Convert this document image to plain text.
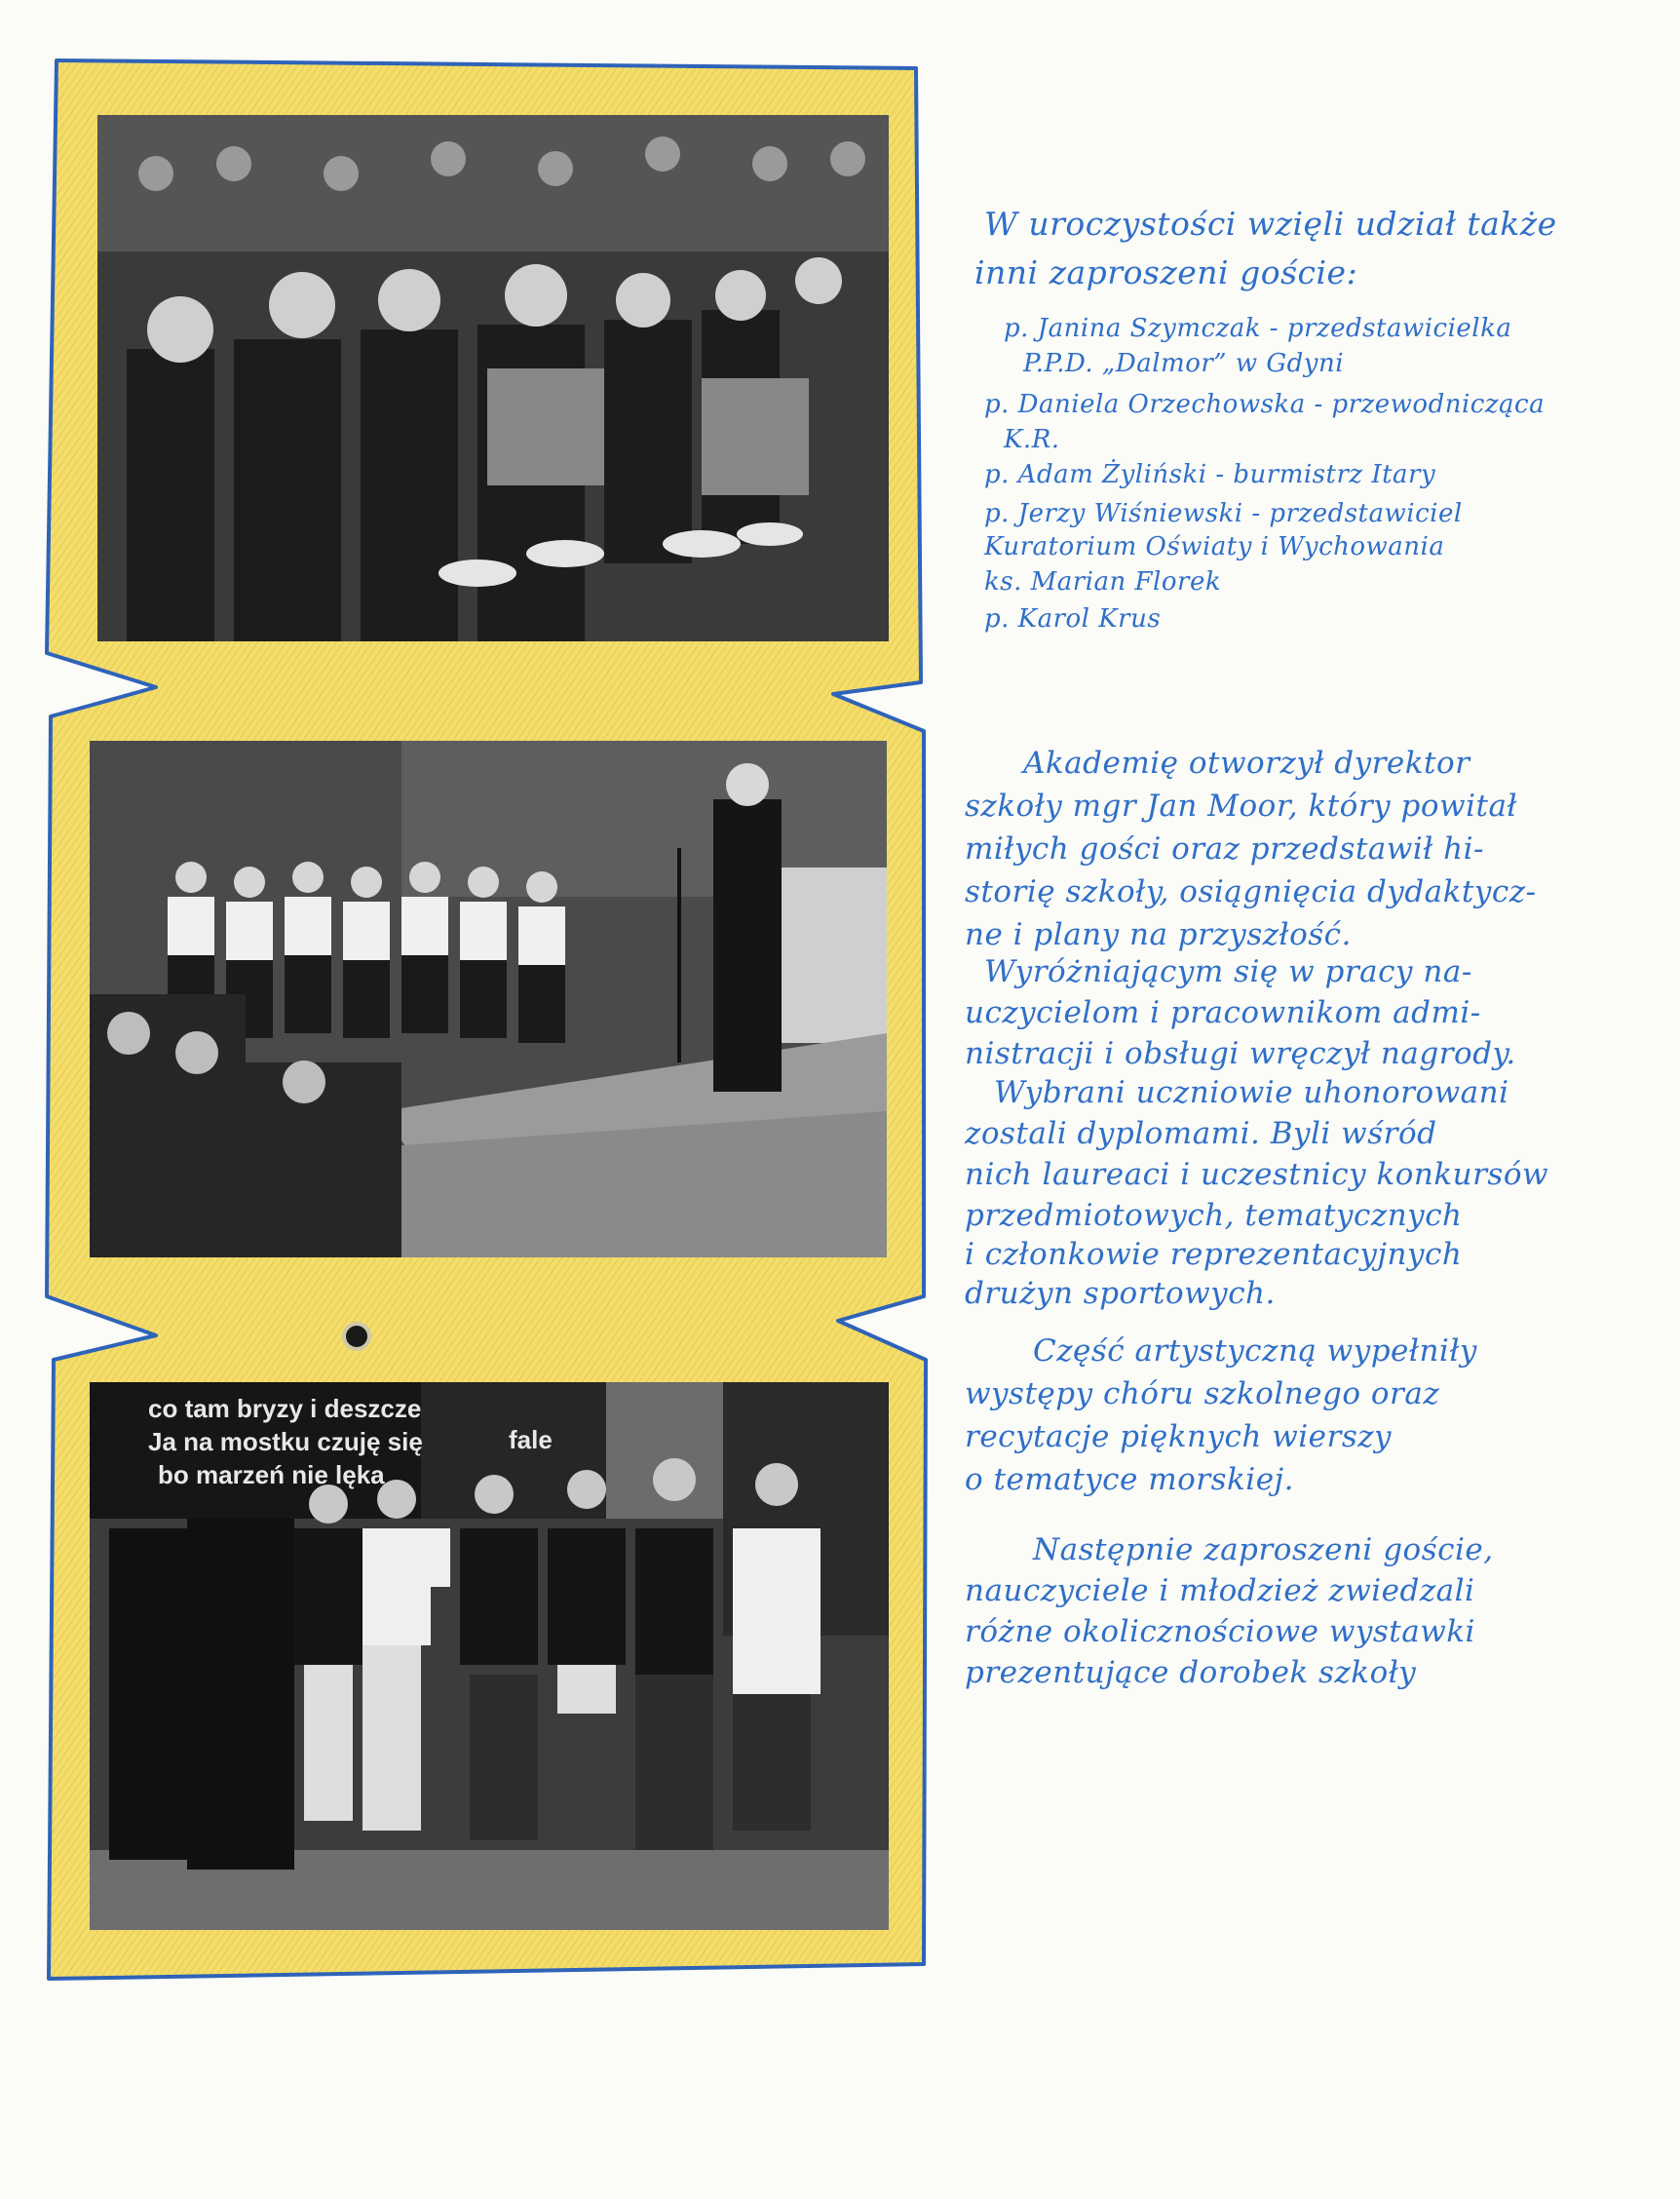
co tam bryzy i deszcze
Ja na mostku czuję się
bo marzeń nie lęka
fale
W uroczystości wzięli udział także
inni zaproszeni goście:
p. Janina Szymczak - przedstawicielka
P.P.D. „Dalmor” w Gdyni
p. Daniela Orzechowska - przewodnicząca
K.R.
p. Adam Żyliński - burmistrz Itary
p. Jerzy Wiśniewski - przedstawiciel
Kuratorium Oświaty i Wychowania
ks. Marian Florek
p. Karol Krus
Akademię otworzył dyrektor
szkoły mgr Jan Moor, który powitał
miłych gości oraz przedstawił hi-
storię szkoły, osiągnięcia dydaktycz-
ne i plany na przyszłość.
Wyróżniającym się w pracy na-
uczycielom i pracownikom admi-
nistracji i obsługi wręczył nagrody.
Wybrani uczniowie uhonorowani
zostali dyplomami. Byli wśród
nich laureaci i uczestnicy konkursów
przedmiotowych, tematycznych
i członkowie reprezentacyjnych
drużyn sportowych.
Część artystyczną wypełniły
występy chóru szkolnego oraz
recytacje pięknych wierszy
o tematyce morskiej.
Następnie zaproszeni goście,
nauczyciele i młodzież zwiedzali
różne okolicznościowe wystawki
prezentujące dorobek szkoły
